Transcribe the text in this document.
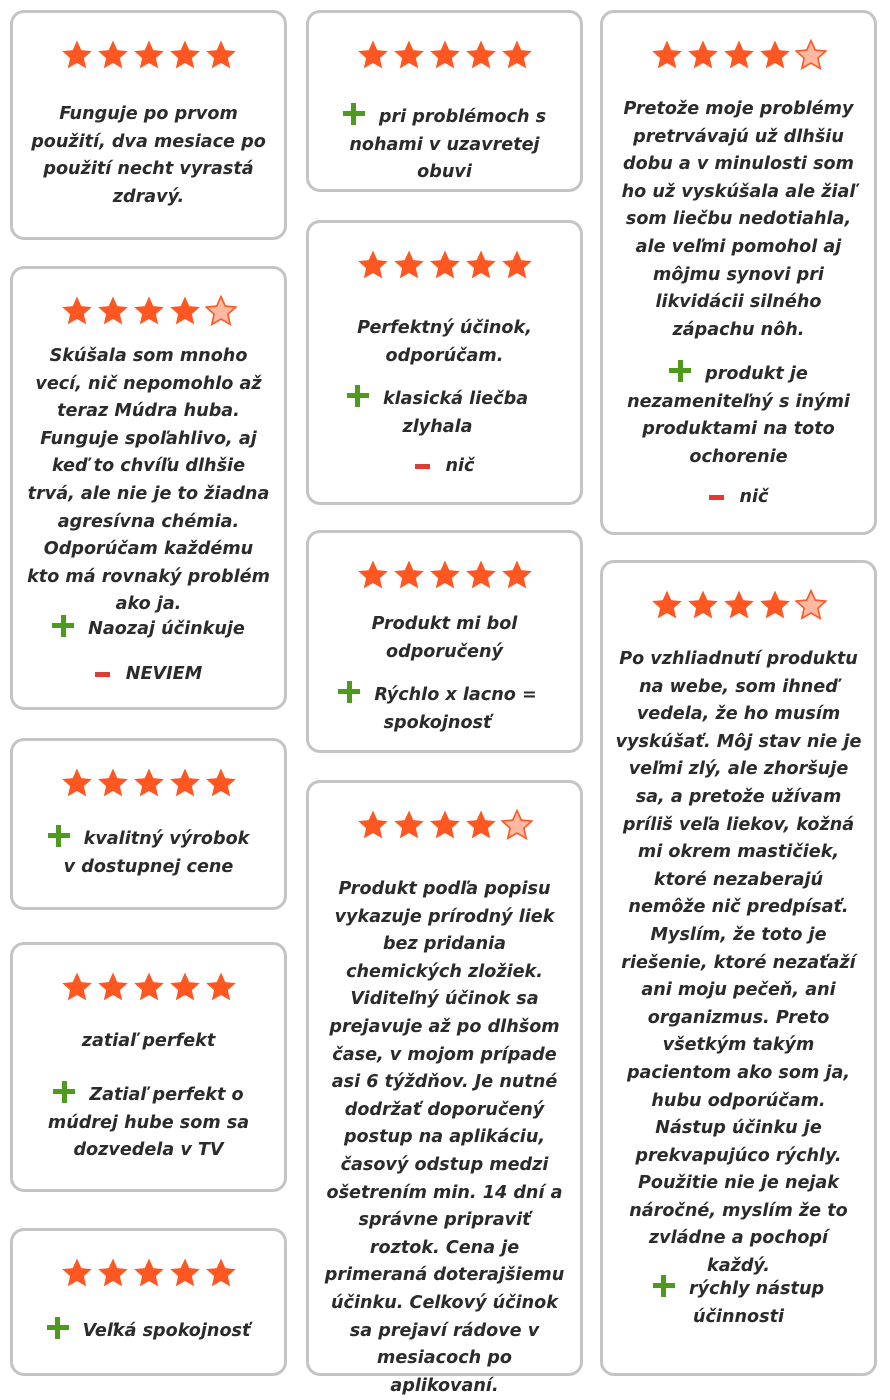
Funguje po prvom použití, dva mesiace po použití necht vyrastá zdravý.
Skúšala som mnoho vecí, nič nepomohlo až teraz Múdra huba. Funguje spoľahlivo, aj keď to chvíľu dlhšie trvá, ale nie je to žiadna agresívna chémia. Odporúčam každému kto má rovnaký problém ako ja.
Naozaj účinkuje
NEVIEM
kvalitný výrobok v dostupnej cene
zatiaľ perfekt
Zatiaľ perfekt o múdrej hube som sa dozvedela v TV
Veľká spokojnosť
pri problémoch s nohami v uzavretej obuvi
Perfektný účinok, odporúčam.
klasická liečba zlyhala
nič
Produkt mi bol odporučený
Rýchlo x lacno = spokojnosť
Produkt podľa popisu vykazuje prírodný liek bez pridania chemických zložiek. Viditeľný účinok sa prejavuje až po dlhšom čase, v mojom prípade asi 6 týždňov. Je nutné dodržať doporučený postup na aplikáciu, časový odstup medzi ošetrením min. 14 dní a správne pripraviť roztok. Cena je primeraná doterajšiemu účinku. Celkový účinok sa prejaví rádove v mesiacoch po aplikovaní.
Pretože moje problémy pretrvávajú už dlhšiu dobu a v minulosti som ho už vyskúšala ale žiaľ som liečbu nedotiahla, ale veľmi pomohol aj môjmu synovi pri likvidácii silného zápachu nôh.
produkt je nezameniteľný s inými produktami na toto ochorenie
nič
Po vzhliadnutí produktu na webe, som ihneď vedela, že ho musím vyskúšať. Môj stav nie je veľmi zlý, ale zhoršuje sa, a pretože užívam príliš veľa liekov, kožná mi okrem mastičiek, ktoré nezaberajú nemôže nič predpísať. Myslím, že toto je riešenie, ktoré nezaťaží ani moju pečeň, ani organizmus. Preto všetkým takým pacientom ako som ja, hubu odporúčam. Nástup účinku je prekvapujúco rýchly. Použitie nie je nejak náročné, myslím že to zvládne a pochopí každý.
rýchly nástup účinnosti
